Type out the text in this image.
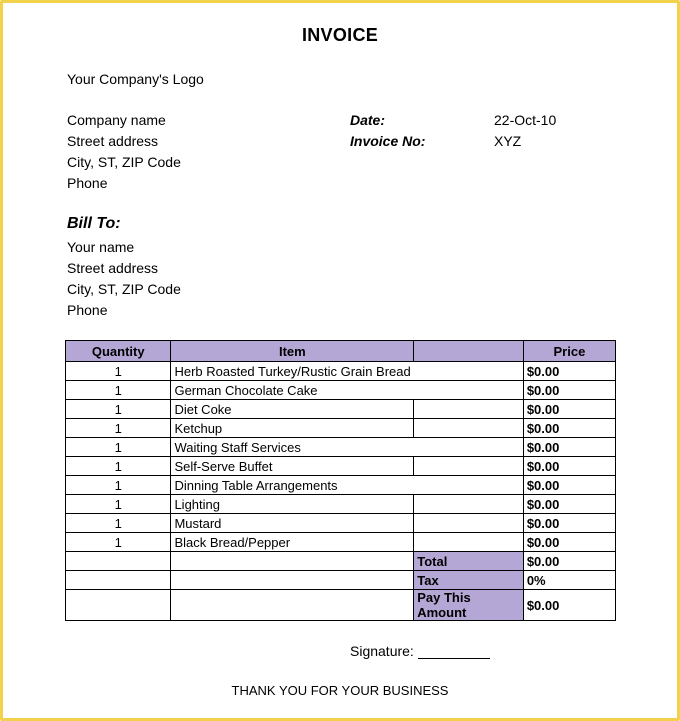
INVOICE
Your Company's Logo
Company name
Street address
City, ST, ZIP Code
Phone
Date:	22-Oct-10
Invoice No:	XYZ
Bill To:
Your name
Street address
City, ST, ZIP Code
Phone
Quantity	Item		Price
1	Herb Roasted Turkey/Rustic Grain Bread		$0.00
1	German Chocolate Cake		$0.00
1	Diet Coke		$0.00
1	Ketchup		$0.00
1	Waiting Staff Services		$0.00
1	Self-Serve Buffet		$0.00
1	Dinning Table Arrangements		$0.00
1	Lighting		$0.00
1	Mustard		$0.00
1	Black Bread/Pepper		$0.00
		Total	$0.00
		Tax	0%
		Pay This Amount	$0.00
Signature:
THANK YOU FOR YOUR BUSINESS
